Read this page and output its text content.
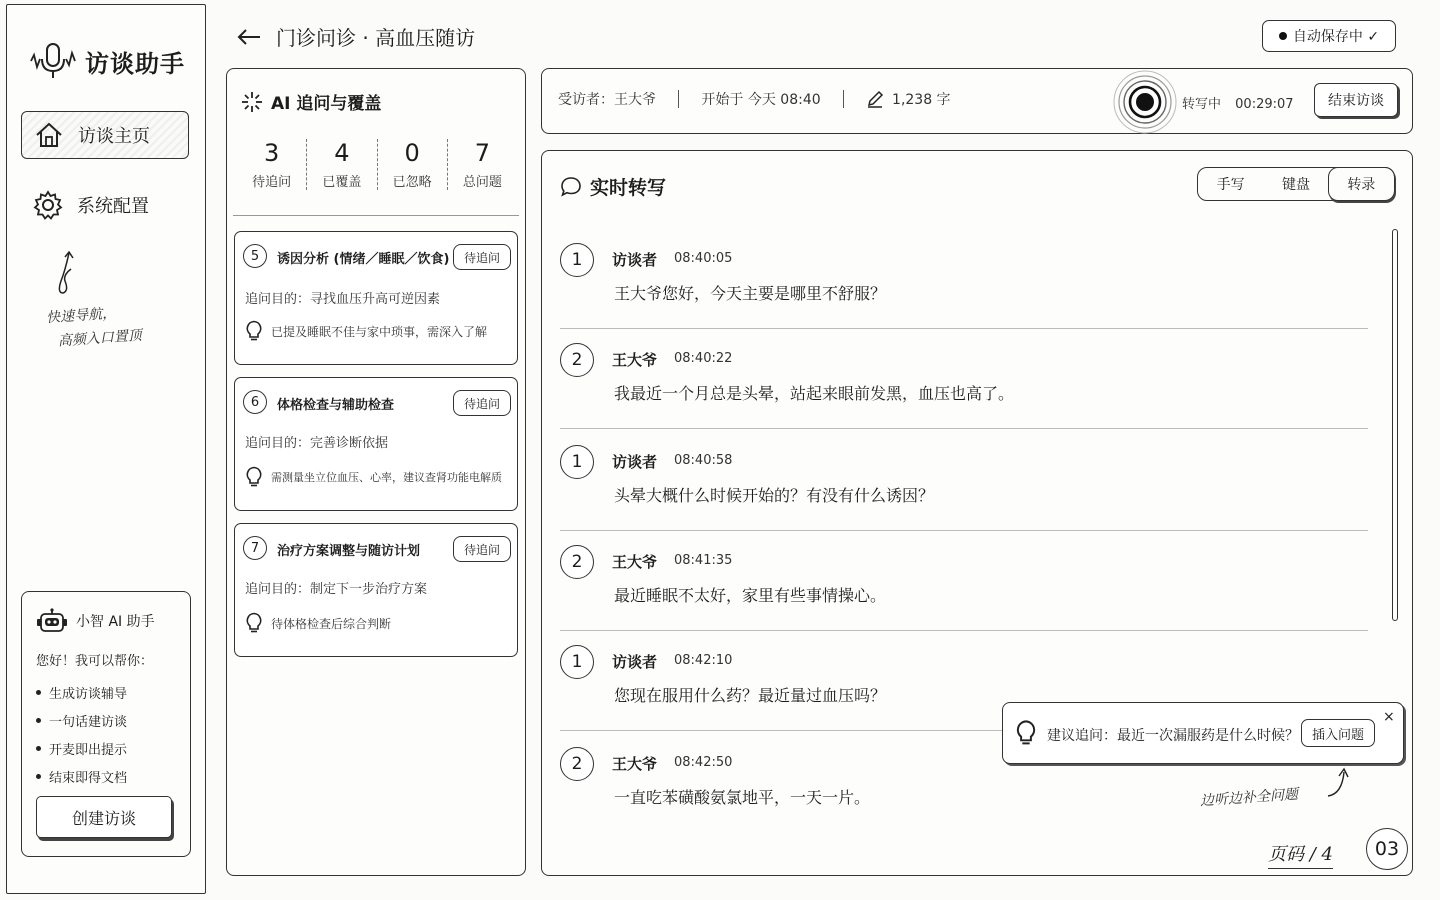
访谈助手
访谈主页
系统配置
快速导航，
高频入口置顶
小智 AI 助手
您好！我可以帮你：
生成访谈辅导
一句话建访谈
开麦即出提示
结束即得文档
创建访谈
门诊问诊 · 高血压随访	自动保存中 ✓
AI 追问与覆盖
3
待追问
4
已覆盖
0
已忽略
7
总问题
5	诱因分析 (情绪／睡眠／饮食)	待追问
追问目的：寻找血压升高可逆因素
已提及睡眠不佳与家中琐事，需深入了解
6	体格检查与辅助检查	待追问
追问目的：完善诊断依据
需测量坐立位血压、心率，建议查肾功能电解质
7	治疗方案调整与随访计划	待追问
追问目的：制定下一步治疗方案
待体格检查后综合判断
受访者：王大爷	开始于 今天 08:40	1,238 字	转写中 00:29:07	结束访谈
实时转写	手写	键盘	转录
1	访谈者 08:40:05
王大爷您好，今天主要是哪里不舒服？
2	王大爷 08:40:22
我最近一个月总是头晕，站起来眼前发黑，血压也高了。
1	访谈者 08:40:58
头晕大概什么时候开始的？有没有什么诱因？
2	王大爷 08:41:35
最近睡眠不太好，家里有些事情操心。
1	访谈者 08:42:10
您现在服用什么药？最近量过血压吗？
2	王大爷 08:42:50
一直吃苯磺酸氨氯地平，一天一片。
建议追问：最近一次漏服药是什么时候？ 插入问题
×
边听边补全问题
页码 / 4	03
